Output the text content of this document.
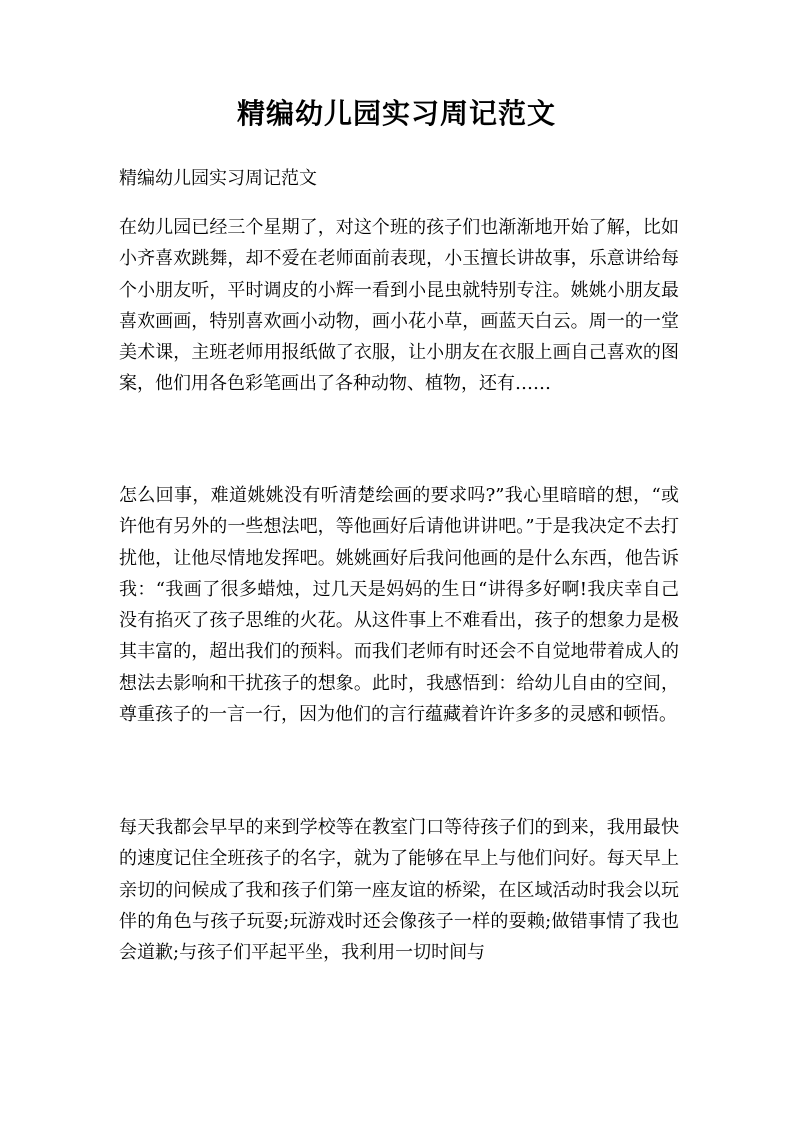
精编幼儿园实习周记范文

精编幼儿园实习周记范文

在幼儿园已经三个星期了，对这个班的孩子们也渐渐地开始了解，比如小齐喜欢跳舞，却不爱在老师面前表现，小玉擅长讲故事，乐意讲给每个小朋友听，平时调皮的小辉一看到小昆虫就特别专注。姚姚小朋友最喜欢画画，特别喜欢画小动物，画小花小草，画蓝天白云。周一的一堂美术课，主班老师用报纸做了衣服，让小朋友在衣服上画自己喜欢的图案，他们用各色彩笔画出了各种动物、植物，还有……

怎么回事，难道姚姚没有听清楚绘画的要求吗?”我心里暗暗的想，“或许他有另外的一些想法吧，等他画好后请他讲讲吧。”于是我决定不去打扰他，让他尽情地发挥吧。姚姚画好后我问他画的是什么东西，他告诉我：“我画了很多蜡烛，过几天是妈妈的生日“讲得多好啊!我庆幸自己没有掐灭了孩子思维的火花。从这件事上不难看出，孩子的想象力是极其丰富的，超出我们的预料。而我们老师有时还会不自觉地带着成人的想法去影响和干扰孩子的想象。此时，我感悟到：给幼儿自由的空间，尊重孩子的一言一行，因为他们的言行蕴藏着许许多多的灵感和顿悟。

每天我都会早早的来到学校等在教室门口等待孩子们的到来，我用最快的速度记住全班孩子的名字，就为了能够在早上与他们问好。每天早上亲切的问候成了我和孩子们第一座友谊的桥梁，在区域活动时我会以玩伴的角色与孩子玩耍;玩游戏时还会像孩子一样的耍赖;做错事情了我也会道歉;与孩子们平起平坐，我利用一切时间与
